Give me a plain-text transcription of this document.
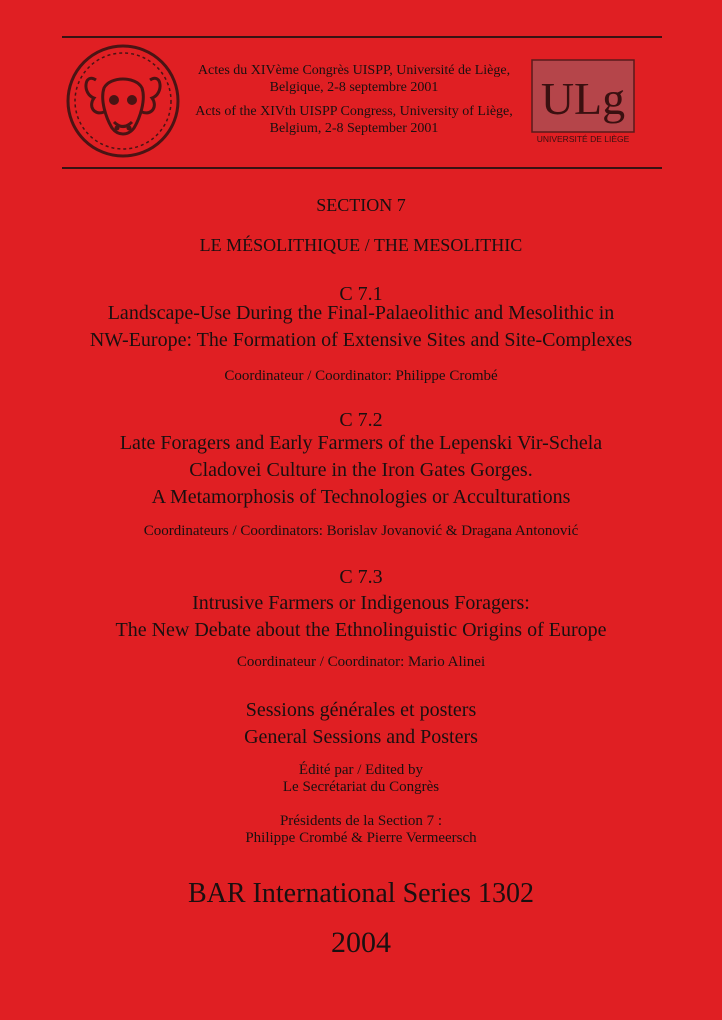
Actes du XIVème Congrès UISPP, Université de Liège,
Belgique, 2-8 septembre 2001

Acts of the XIVth UISPP Congress, University of Liège,
Belgium, 2-8 September 2001

ULg
UNIVERSITÉ DE LIÈGE
SECTION 7
LE MÉSOLITHIQUE / THE MESOLITHIC
C 7.1
Landscape-Use During the Final-Palaeolithic and Mesolithic in
NW-Europe: The Formation of Extensive Sites and Site-Complexes
Coordinateur / Coordinator: Philippe Crombé
C 7.2
Late Foragers and Early Farmers of the Lepenski Vir-Schela
Cladovei Culture in the Iron Gates Gorges.
A Metamorphosis of Technologies or Acculturations
Coordinateurs / Coordinators: Borislav Jovanović & Dragana Antonović
C 7.3
Intrusive Farmers or Indigenous Foragers:
The New Debate about the Ethnolinguistic Origins of Europe
Coordinateur / Coordinator: Mario Alinei
Sessions générales et posters
General Sessions and Posters
Édité par / Edited by
Le Secrétariat du Congrès
Présidents de la Section 7 :
Philippe Crombé & Pierre Vermeersch
BAR International Series 1302
2004
